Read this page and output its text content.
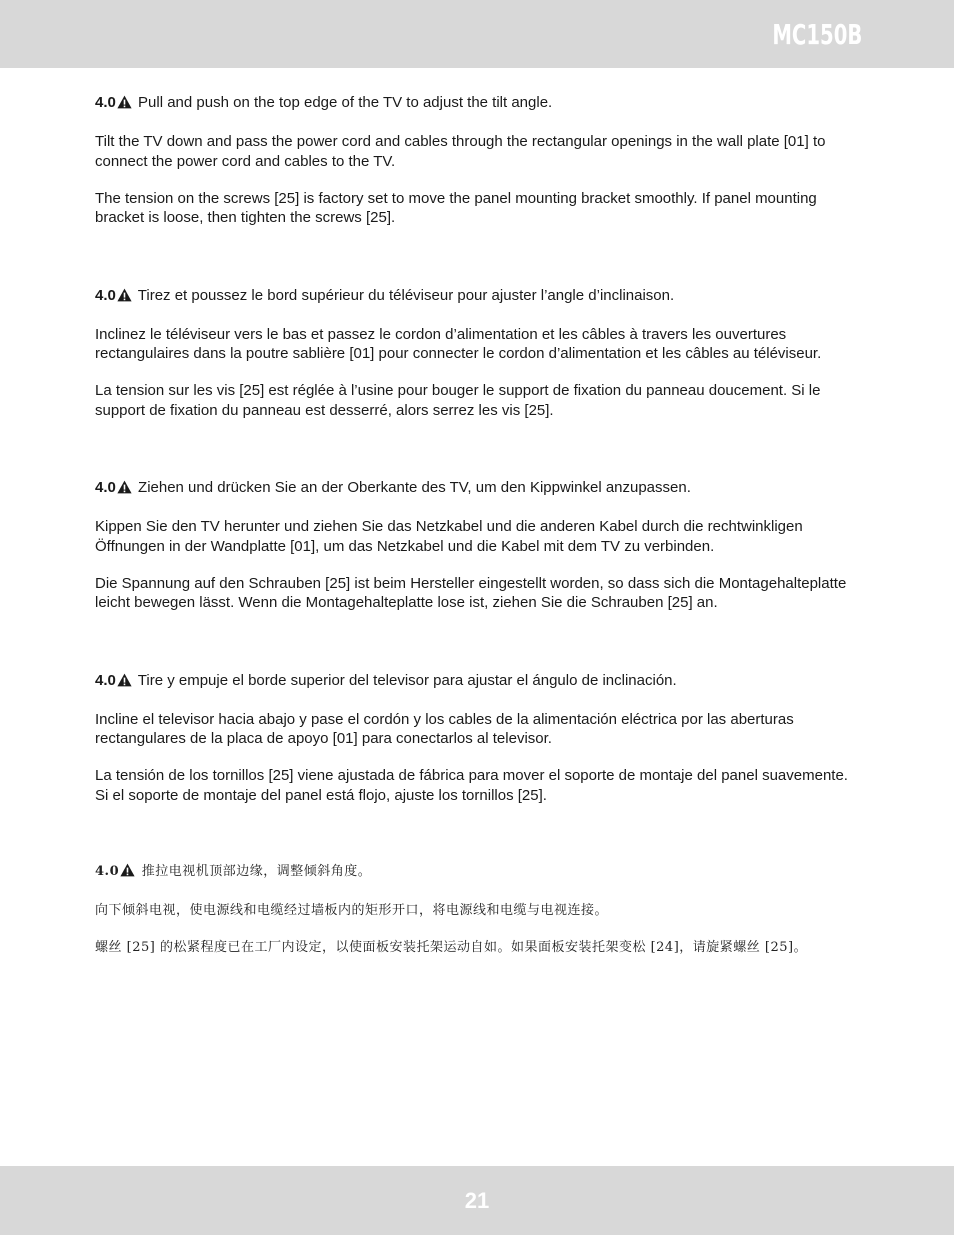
MC150B

4.0 Pull and push on the top edge of the TV to adjust the tilt angle.

Tilt the TV down and pass the power cord and cables through the rectangular openings in the wall plate [01] to connect the power cord and cables to the TV.

The tension on the screws [25] is factory set to move the panel mounting bracket smoothly. If panel mounting bracket is loose, then tighten the screws [25].

4.0 Tirez et poussez le bord supérieur du téléviseur pour ajuster l’angle d’inclinaison.

Inclinez le téléviseur vers le bas et passez le cordon d’alimentation et les câbles à travers les ouvertures rectangulaires dans la poutre sablière [01] pour connecter le cordon d’alimentation et les câbles au téléviseur.

La tension sur les vis [25] est réglée à l’usine pour bouger le support de fixation du panneau doucement. Si le support de fixation du panneau est desserré, alors serrez les vis [25].

4.0 Ziehen und drücken Sie an der Oberkante des TV, um den Kippwinkel anzupassen.

Kippen Sie den TV herunter und ziehen Sie das Netzkabel und die anderen Kabel durch die rechtwinkligen Öffnungen in der Wandplatte [01], um das Netzkabel und die Kabel mit dem TV zu verbinden.

Die Spannung auf den Schrauben [25] ist beim Hersteller eingestellt worden, so dass sich die Montagehalteplatte leicht bewegen lässt. Wenn die Montagehalteplatte lose ist, ziehen Sie die Schrauben [25] an.

4.0 Tire y empuje el borde superior del televisor para ajustar el ángulo de inclinación.

Incline el televisor hacia abajo y pase el cordón y los cables de la alimentación eléctrica por las aberturas rectangulares de la placa de apoyo [01] para conectarlos al televisor.

La tensión de los tornillos [25] viene ajustada de fábrica para mover el soporte de montaje del panel suavemente. Si el soporte de montaje del panel está flojo, ajuste los tornillos [25].

4.0 推拉电视机顶部边缘，调整倾斜角度。

向下倾斜电视，使电源线和电缆经过墙板内的矩形开口，将电源线和电缆与电视连接。

螺丝 [25] 的松紧程度已在工厂内设定，以使面板安装托架运动自如。如果面板安装托架变松 [24]，请旋紧螺丝 [25]。

21
